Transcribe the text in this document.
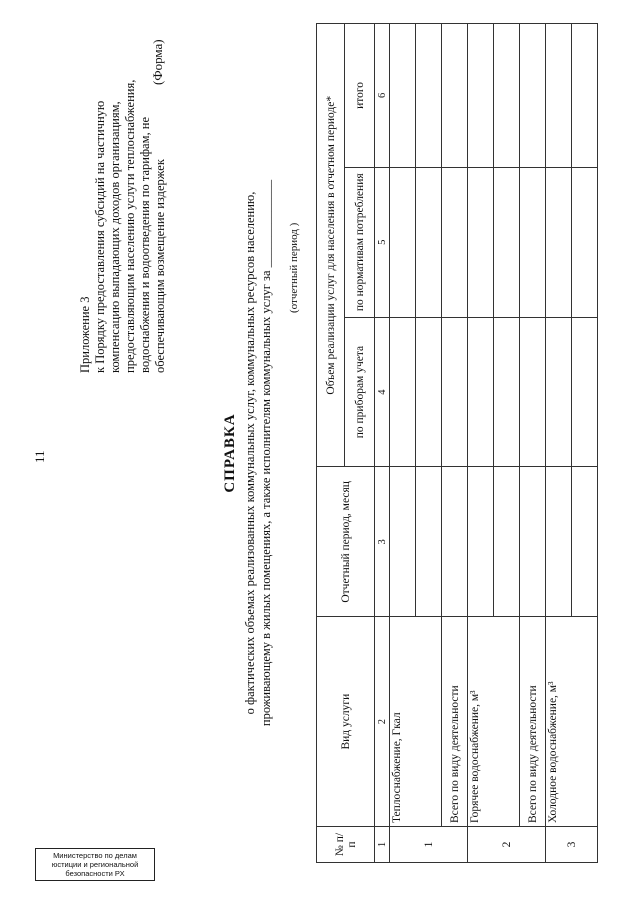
11
Приложение 3 к Порядку предоставления субсидий на частичную компенсацию выпадающих доходов организациям, предоставляющим населению услуги теплоснабжения, водоснабжения и водоотведения по тарифам, не обеспечивающим возмещение издержек
(Форма)
СПРАВКА о фактических объемах реализованных коммунальных услуг, коммунальных ресурсов населению, проживающему в жилых помещениях, а также исполнителям коммунальных услуг за ______________ (отчетный период )
№ п/п	Вид услуги	Отчетный период, месяц	Объем реализации услуг для населения в отчетном периоде*		
			по приборам учета	по нормативам потребления	итого
1	2	3	4	5	6
1	Теплоснабжение, Гкал				

	Всего по виду деятельности				
2	Горячее водоснабжение, м³				

	Всего по виду деятельности				
3	Холодное водоснабжение, м³				

Министерство по делам
юстиции и региональной
безопасности РХ
